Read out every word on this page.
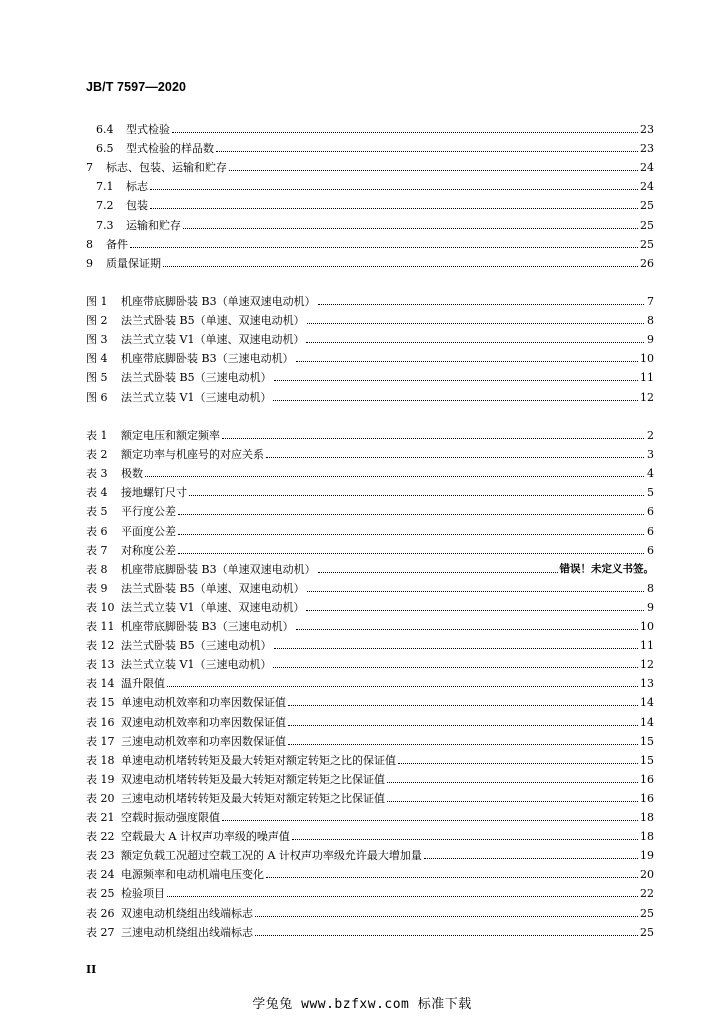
JB/T 7597—2020
6.4	型式检验	23
6.5	型式检验的样品数	23
7	标志、包装、运输和贮存	24
7.1	标志	24
7.2	包装	25
7.3	运输和贮存	25
8	备件	25
9	质量保证期	26
图 1	机座带底脚卧装 B3（单速双速电动机）	7
图 2	法兰式卧装 B5（单速、双速电动机）	8
图 3	法兰式立装 V1（单速、双速电动机）	9
图 4	机座带底脚卧装 B3（三速电动机）	10
图 5	法兰式卧装 B5（三速电动机）	11
图 6	法兰式立装 V1（三速电动机）	12
表 1	额定电压和额定频率	2
表 2	额定功率与机座号的对应关系	3
表 3	极数	4
表 4	接地螺钉尺寸	5
表 5	平行度公差	6
表 6	平面度公差	6
表 7	对称度公差	6
表 8	机座带底脚卧装 B3（单速双速电动机）	错误！未定义书签。
表 9	法兰式卧装 B5（单速、双速电动机）	8
表 10 法兰式立装 V1（单速、双速电动机）	9
表 11 机座带底脚卧装 B3（三速电动机）	10
表 12 法兰式卧装 B5（三速电动机）	11
表 13 法兰式立装 V1（三速电动机）	12
表 14 温升限值	13
表 15 单速电动机效率和功率因数保证值	14
表 16 双速电动机效率和功率因数保证值	14
表 17 三速电动机效率和功率因数保证值	15
表 18 单速电动机堵转转矩及最大转矩对额定转矩之比的保证值	15
表 19 双速电动机堵转转矩及最大转矩对额定转矩之比保证值	16
表 20 三速电动机堵转转矩及最大转矩对额定转矩之比保证值	16
表 21 空载时振动强度限值	18
表 22 空载最大 A 计权声功率级的噪声值	18
表 23 额定负载工况超过空载工况的 A 计权声功率级允许最大增加量	19
表 24 电源频率和电动机端电压变化	20
表 25 检验项目	22
表 26 双速电动机绕组出线端标志	25
表 27 三速电动机绕组出线端标志	25
II
学兔兔 www.bzfxw.com 标准下载
